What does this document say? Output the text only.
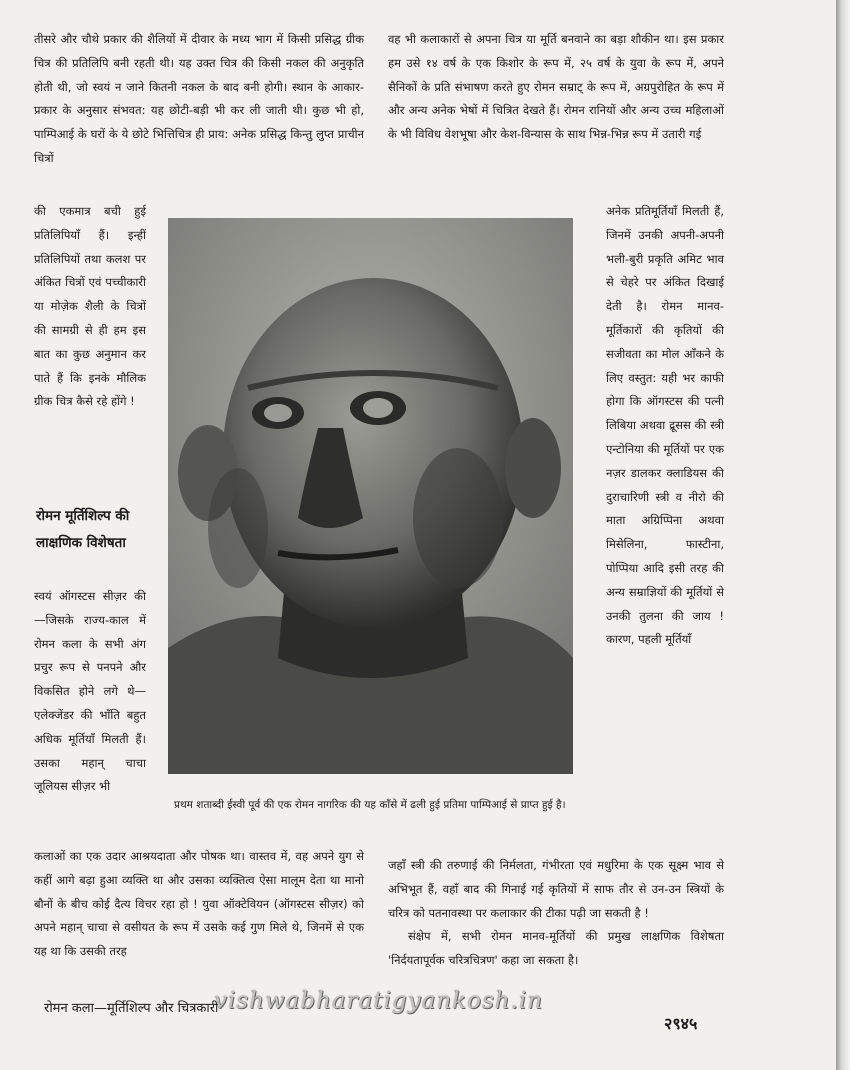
तीसरे और चौथे प्रकार की शैलियों में दीवार के मध्य भाग में किसी प्रसिद्ध ग्रीक चित्र की प्रतिलिपि बनी रहती थी। यह उक्त चित्र की किसी नकल की अनुकृति होती थी, जो स्वयं न जाने कितनी नकल के बाद बनी होगी। स्थान के आकार-प्रकार के अनुसार संभवत: यह छोटी-बड़ी भी कर ली जाती थी। कुछ भी हो, पाम्पिआई के घरों के ये छोटे भित्तिचित्र ही प्राय: अनेक प्रसिद्ध किन्तु लुप्त प्राचीन चित्रों

वह भी कलाकारों से अपना चित्र या मूर्ति बनवाने का बड़ा शौकीन था। इस प्रकार हम उसे १४ वर्ष के एक किशोर के रूप में, २५ वर्ष के युवा के रूप में, अपने सैनिकों के प्रति संभाषण करते हुए रोमन सम्राट् के रूप में, अग्रपुरोहित के रूप में और अन्य अनेक भेषों में चित्रित देखते हैं। रोमन रानियों और अन्य उच्च महिलाओं के भी विविध वेशभूषा और केश-विन्यास के साथ भिन्न-भिन्न रूप में उतारी गई

की एकमात्र बची हुई प्रतिलिपियाँ हैं। इन्हीं प्रतिलिपियों तथा कलश पर अंकित चित्रों एवं पच्चीकारी या मोज़ेक शैली के चित्रों की सामग्री से ही हम इस बात का कुछ अनुमान कर पाते हैं कि इनके मौलिक ग्रीक चित्र कैसे रहे होंगे !

रोमन मूर्तिशिल्प की लाक्षणिक विशेषता

स्वयं ऑगस्टस सीज़र की—जिसके राज्य-काल में रोमन कला के सभी अंग प्रचुर रूप से पनपने और विकसित होने लगे थे—एलेक्जेंडर की भाँति बहुत अधिक मूर्तियाँ मिलती हैं। उसका महान् चाचा जूलियस सीज़र भी

अनेक प्रतिमूर्तियाँ मिलती हैं, जिनमें उनकी अपनी-अपनी भली-बुरी प्रकृति अमिट भाव से चेहरे पर अंकित दिखाई देती है। रोमन मानव-मूर्तिकारों की कृतियों की सजीवता का मोल आँकने के लिए वस्तुत: यही भर काफी होगा कि ऑगस्टस की पत्नी लिबिया अथवा द्रूसस की स्त्री एन्टोनिया की मूर्तियों पर एक नज़र डालकर क्लाडियस की दुराचारिणी स्त्री व नीरो की माता अग्रिप्पिना अथवा मिसेलिना, फास्टीना, पोप्पिया आदि इसी तरह की अन्य सम्राज्ञियों की मूर्तियों से उनकी तुलना की जाय ! कारण, पहली मूर्तियाँ

प्रथम शताब्दी ईस्वी पूर्व की एक रोमन नागरिक की यह काँसे में ढली हुई प्रतिमा पाम्पिआई से प्राप्त हुई है।

कलाओं का एक उदार आश्रयदाता और पोषक था। वास्तव में, वह अपने युग से कहीं आगे बढ़ा हुआ व्यक्ति था और उसका व्यक्तित्व ऐसा मालूम देता था मानो बौनों के बीच कोई दैत्य विचर रहा हो ! युवा ऑक्टेवियन (ऑगस्टस सीज़र) को अपने महान् चाचा से वसीयत के रूप में उसके कई गुण मिले थे, जिनमें से एक यह था कि उसकी तरह

जहाँ स्त्री की तरुणाई की निर्मलता, गंभीरता एवं मधुरिमा के एक सूक्ष्म भाव से अभिभूत हैं, वहाँ बाद की गिनाई गई कृतियों में साफ तौर से उन-उन स्त्रियों के चरित्र को पतनावस्था पर कलाकार की टीका पढ़ी जा सकती है !

संक्षेप में, सभी रोमन मानव-मूर्तियों की प्रमुख लाक्षणिक विशेषता 'निर्दयतापूर्वक चरित्रचित्रण' कहा जा सकता है।

रोमन कला—मूर्तिशिल्प और चित्रकारी

vishwabharatigyankosh.in

२९४५
